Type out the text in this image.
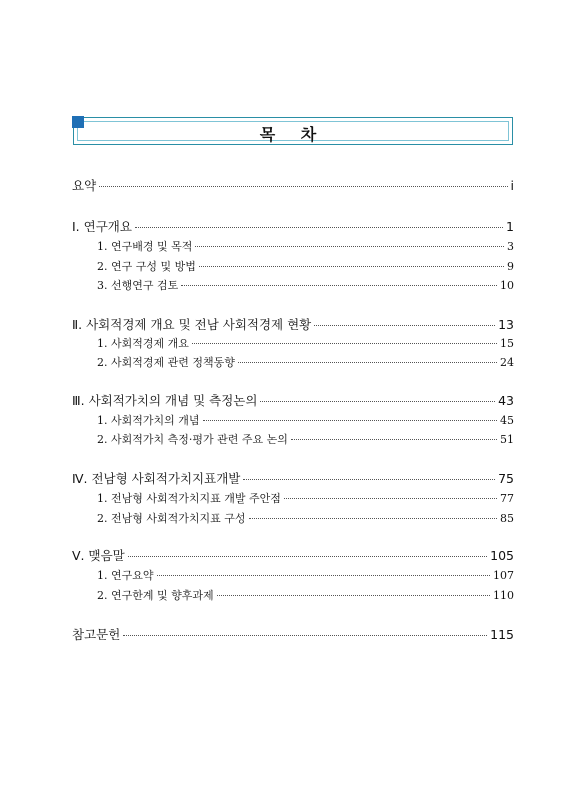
목 차
요약	ⅰ
Ⅰ. 연구개요	1
1. 연구배경 및 목적	3
2. 연구 구성 및 방법	9
3. 선행연구 검토	10
Ⅱ. 사회적경제 개요 및 전남 사회적경제 현황	13
1. 사회적경제 개요	15
2. 사회적경제 관련 정책동향	24
Ⅲ. 사회적가치의 개념 및 측정논의	43
1. 사회적가치의 개념	45
2. 사회적가치 측정·평가 관련 주요 논의	51
Ⅳ. 전남형 사회적가치지표개발	75
1. 전남형 사회적가치지표 개발 주안점	77
2. 전남형 사회적가치지표 구성	85
Ⅴ. 맺음말	105
1. 연구요약	107
2. 연구한계 및 향후과제	110
참고문헌	115
